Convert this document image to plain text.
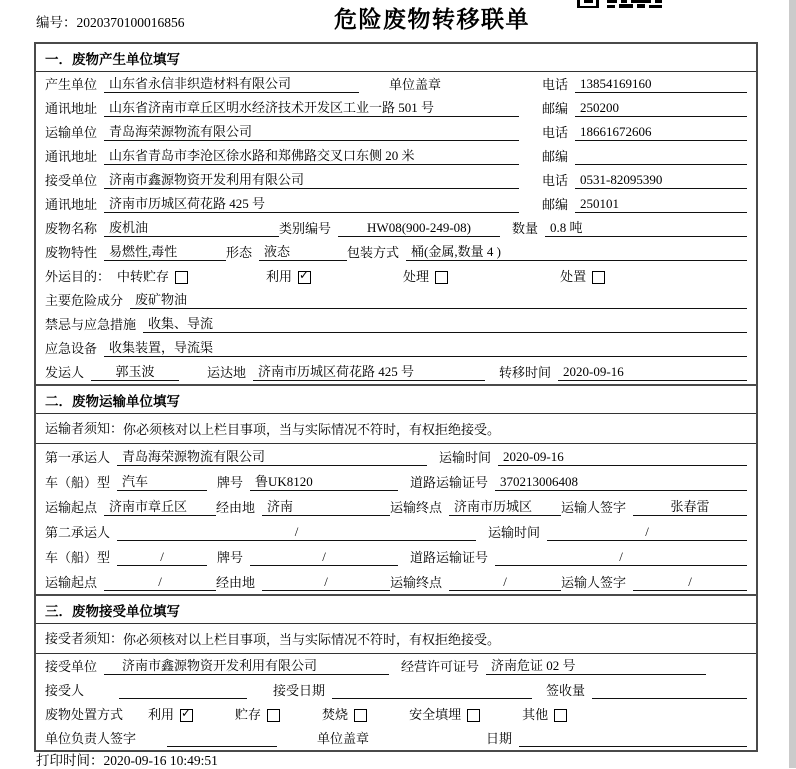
编号：2020370100016856	危险废物转移联单
一．废物产生单位填写
产生单位 山东省永信非织造材料有限公司	单位盖章	电话 13854169160
通讯地址 山东省济南市章丘区明水经济技术开发区工业一路 501 号	邮编 250200
运输单位 青岛海荣源物流有限公司	电话 18661672606
通讯地址 山东省青岛市李沧区徐水路和郑佛路交叉口东侧 20 米	邮编
接受单位 济南市鑫源物资开发利用有限公司	电话 0531-82095390
通讯地址 济南市历城区荷花路 425 号	邮编 250101
废物名称 废机油	类别编号	HW08(900-249-08)	数量 0.8 吨
废物特性 易燃性,毒性	形态 液态	包装方式 桶(金属,数量 4 )
外运目的： 中转贮存	利用 ✓	处理	处置
主要危险成分 废矿物油
禁忌与应急措施 收集、导流
应急设备 收集装置，导流渠
发运人	郭玉波	运达地 济南市历城区荷花路 425 号	转移时间 2020-09-16
二．废物运输单位填写
运输者须知： 你必须核对以上栏目事项，当与实际情况不符时，有权拒绝接受。
第一承运人 青岛海荣源物流有限公司	运输时间 2020-09-16
车（船）型 汽车	牌号 鲁UK8120	道路运输证号 370213006408
运输起点 济南市章丘区	经由地 济南	运输终点 济南市历城区	运输人签字	张春雷
第二承运人	/	运输时间	/
车（船）型	/	牌号	/	道路运输证号	/
运输起点	/	经由地	/	运输终点	/	运输人签字	/
三．废物接受单位填写
接受者须知： 你必须核对以上栏目事项，当与实际情况不符时，有权拒绝接受。
接受单位	济南市鑫源物资开发利用有限公司	经营许可证号 济南危证 02 号
接受人	接受日期	签收量
废物处置方式 利用 ✓	贮存	焚烧	安全填埋	其他
单位负责人签字	单位盖章	日期
打印时间：2020-09-16 10:49:51
